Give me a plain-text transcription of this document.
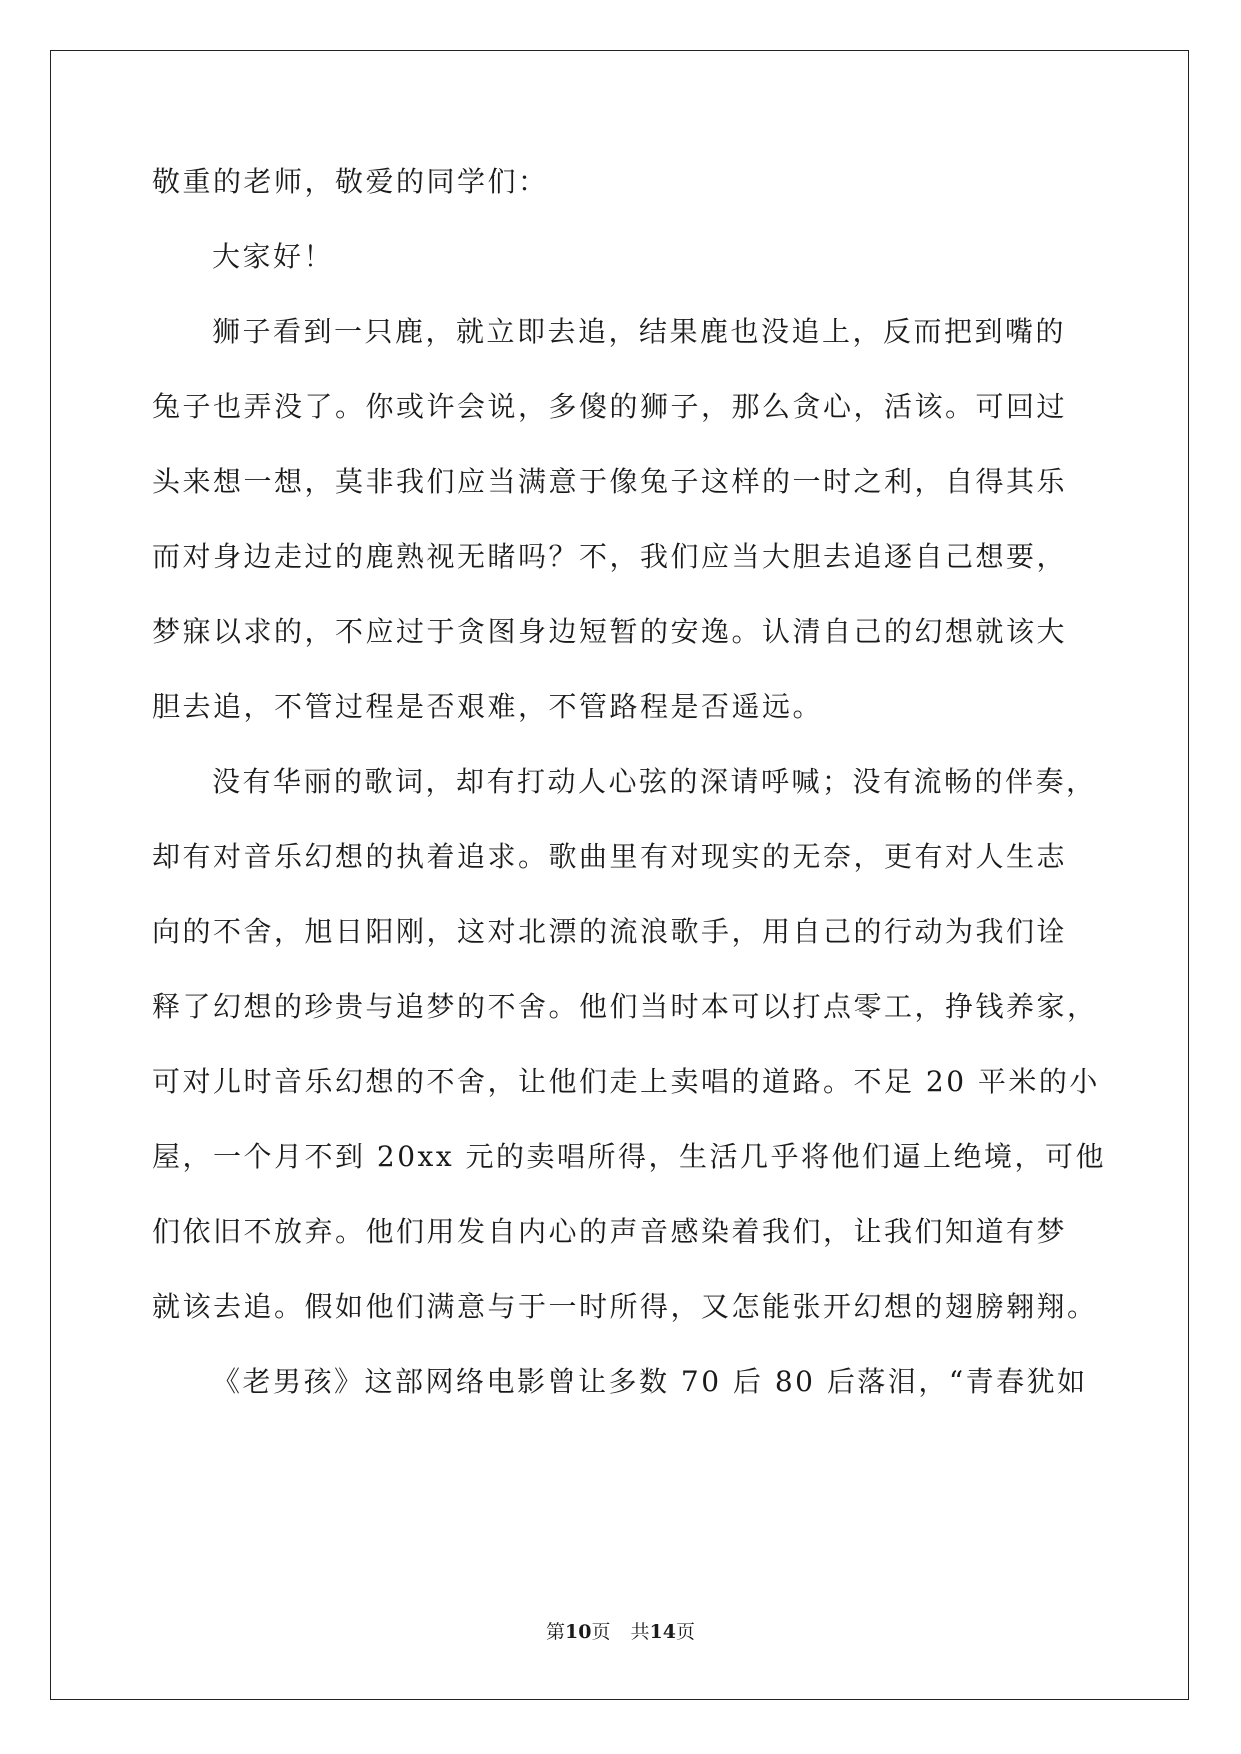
敬重的老师，敬爱的同学们：
大家好！
狮子看到一只鹿，就立即去追，结果鹿也没追上，反而把到嘴的
兔子也弄没了。你或许会说，多傻的狮子，那么贪心，活该。可回过
头来想一想，莫非我们应当满意于像兔子这样的一时之利，自得其乐
而对身边走过的鹿熟视无睹吗？不，我们应当大胆去追逐自己想要，
梦寐以求的，不应过于贪图身边短暂的安逸。认清自己的幻想就该大
胆去追，不管过程是否艰难，不管路程是否遥远。
没有华丽的歌词，却有打动人心弦的深请呼喊；没有流畅的伴奏，
却有对音乐幻想的执着追求。歌曲里有对现实的无奈，更有对人生志
向的不舍，旭日阳刚，这对北漂的流浪歌手，用自己的行动为我们诠
释了幻想的珍贵与追梦的不舍。他们当时本可以打点零工，挣钱养家，
可对儿时音乐幻想的不舍，让他们走上卖唱的道路。不足 20 平米的小
屋，一个月不到 20xx 元的卖唱所得，生活几乎将他们逼上绝境，可他
们依旧不放弃。他们用发自内心的声音感染着我们，让我们知道有梦
就该去追。假如他们满意与于一时所得，又怎能张开幻想的翅膀翱翔。
《老男孩》这部网络电影曾让多数 70 后 80 后落泪，“青春犹如
第10页 共14页
